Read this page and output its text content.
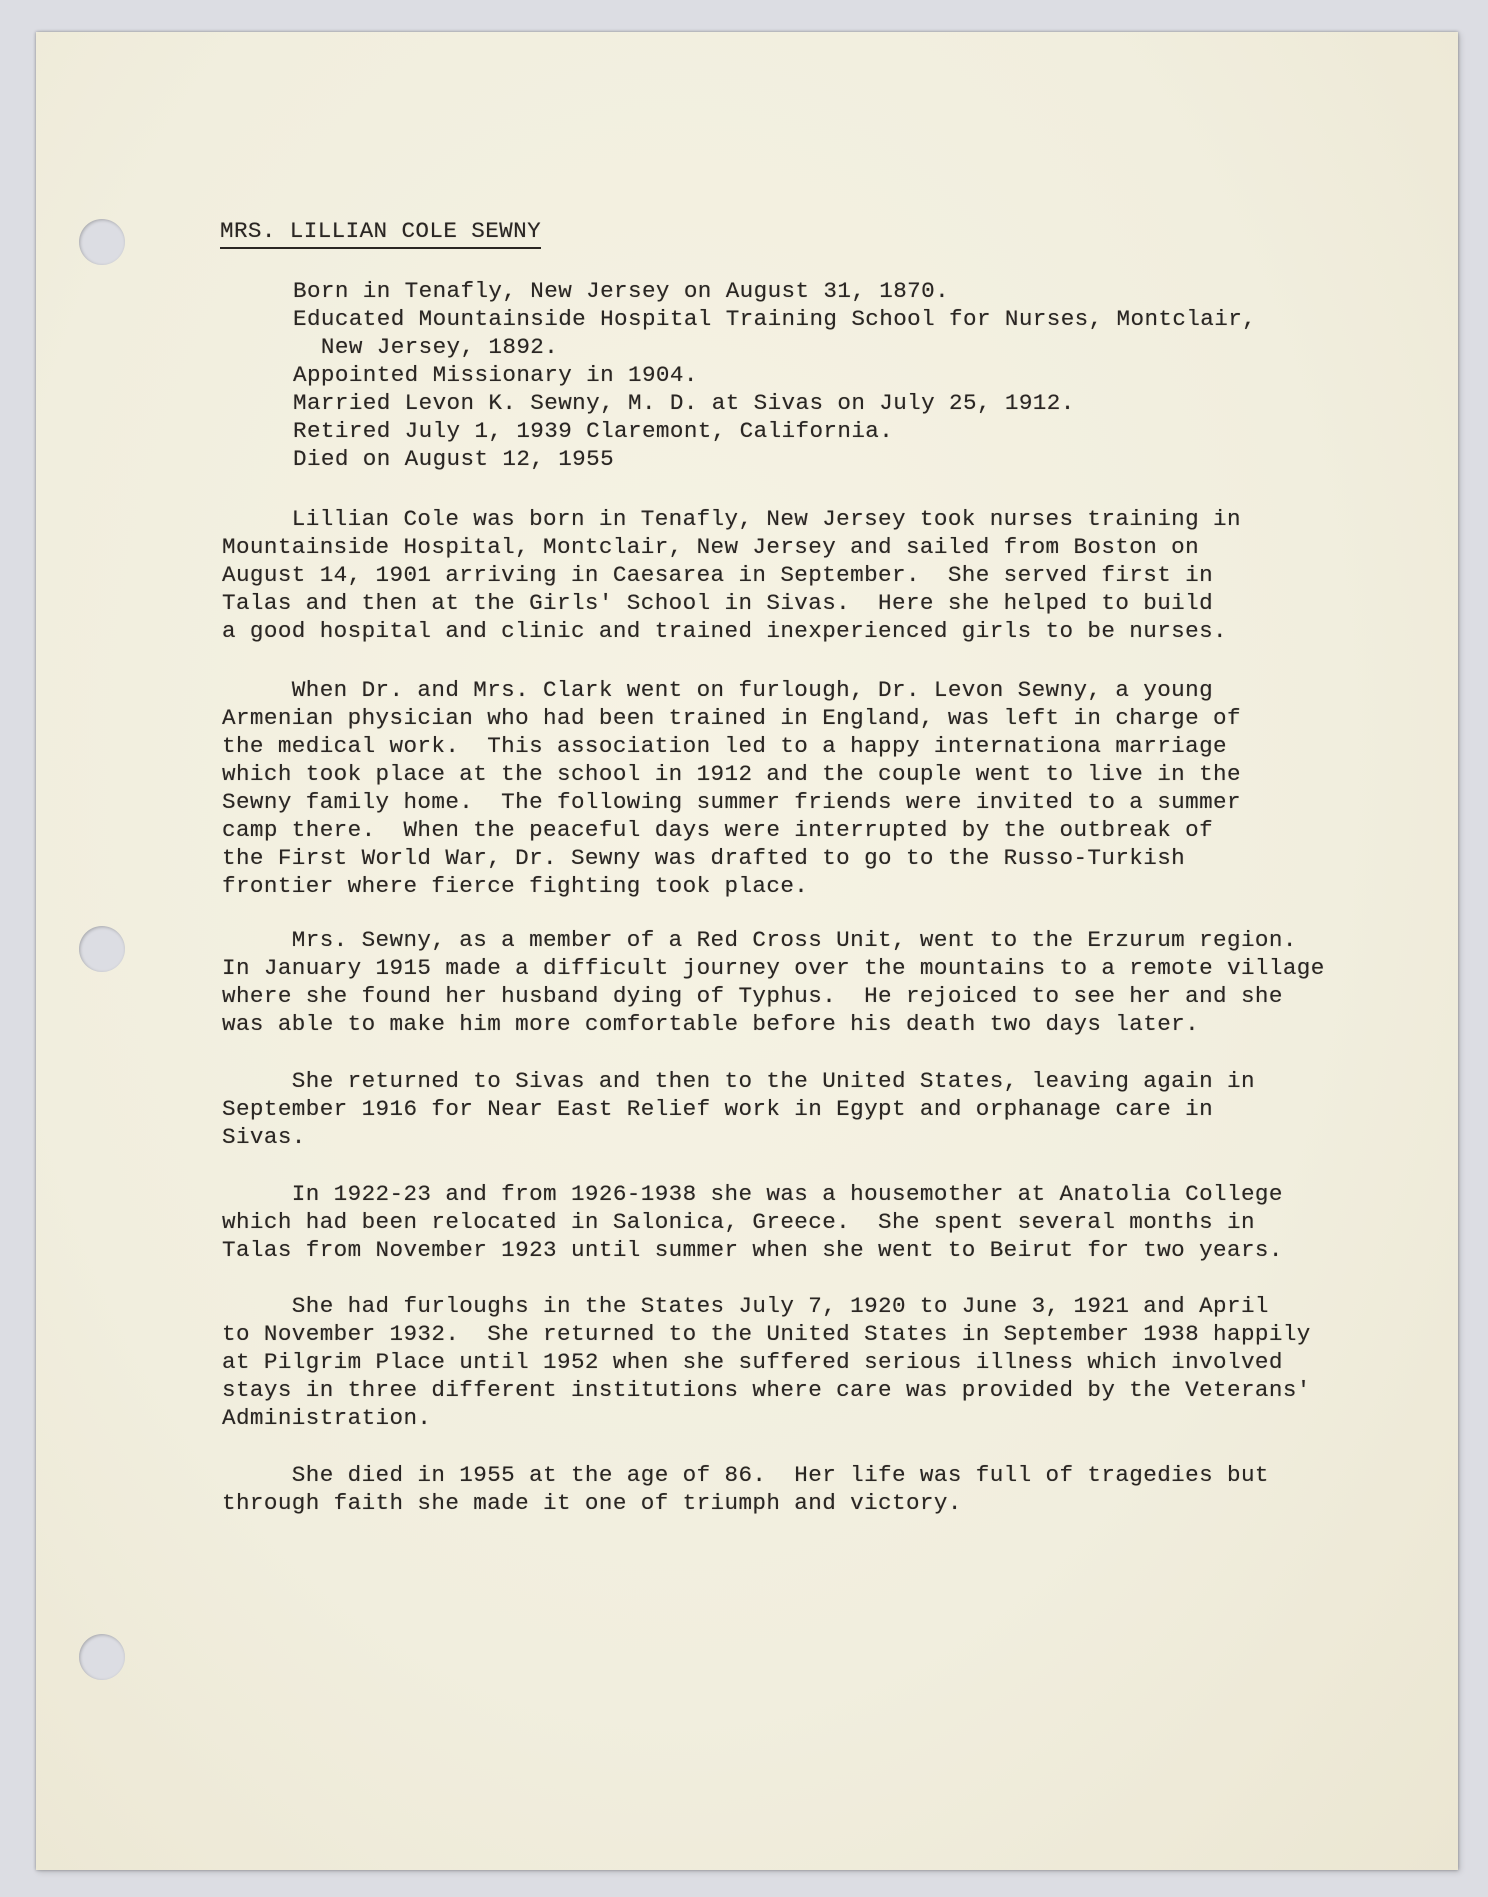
MRS. LILLIAN COLE SEWNY

Born in Tenafly, New Jersey on August 31, 1870.

Educated Mountainside Hospital Training School for Nurses, Montclair,

New Jersey, 1892.

Appointed Missionary in 1904.

Married Levon K. Sewny, M. D. at Sivas on July 25, 1912.

Retired July 1, 1939 Claremont, California.

Died on August 12, 1955

Lillian Cole was born in Tenafly, New Jersey took nurses training in

Mountainside Hospital, Montclair, New Jersey and sailed from Boston on

August 14, 1901 arriving in Caesarea in September.  She served first in

Talas and then at the Girls' School in Sivas.  Here she helped to build

a good hospital and clinic and trained inexperienced girls to be nurses.

When Dr. and Mrs. Clark went on furlough, Dr. Levon Sewny, a young

Armenian physician who had been trained in England, was left in charge of

the medical work.  This association led to a happy internationa marriage

which took place at the school in 1912 and the couple went to live in the

Sewny family home.  The following summer friends were invited to a summer

camp there.  When the peaceful days were interrupted by the outbreak of

the First World War, Dr. Sewny was drafted to go to the Russo-Turkish

frontier where fierce fighting took place.

Mrs. Sewny, as a member of a Red Cross Unit, went to the Erzurum region.

In January 1915 made a difficult journey over the mountains to a remote village

where she found her husband dying of Typhus.  He rejoiced to see her and she

was able to make him more comfortable before his death two days later.

She returned to Sivas and then to the United States, leaving again in

September 1916 for Near East Relief work in Egypt and orphanage care in

Sivas.

In 1922-23 and from 1926-1938 she was a housemother at Anatolia College

which had been relocated in Salonica, Greece.  She spent several months in

Talas from November 1923 until summer when she went to Beirut for two years.

She had furloughs in the States July 7, 1920 to June 3, 1921 and April

to November 1932.  She returned to the United States in September 1938 happily

at Pilgrim Place until 1952 when she suffered serious illness which involved

stays in three different institutions where care was provided by the Veterans'

Administration.

She died in 1955 at the age of 86.  Her life was full of tragedies but

through faith she made it one of triumph and victory.
